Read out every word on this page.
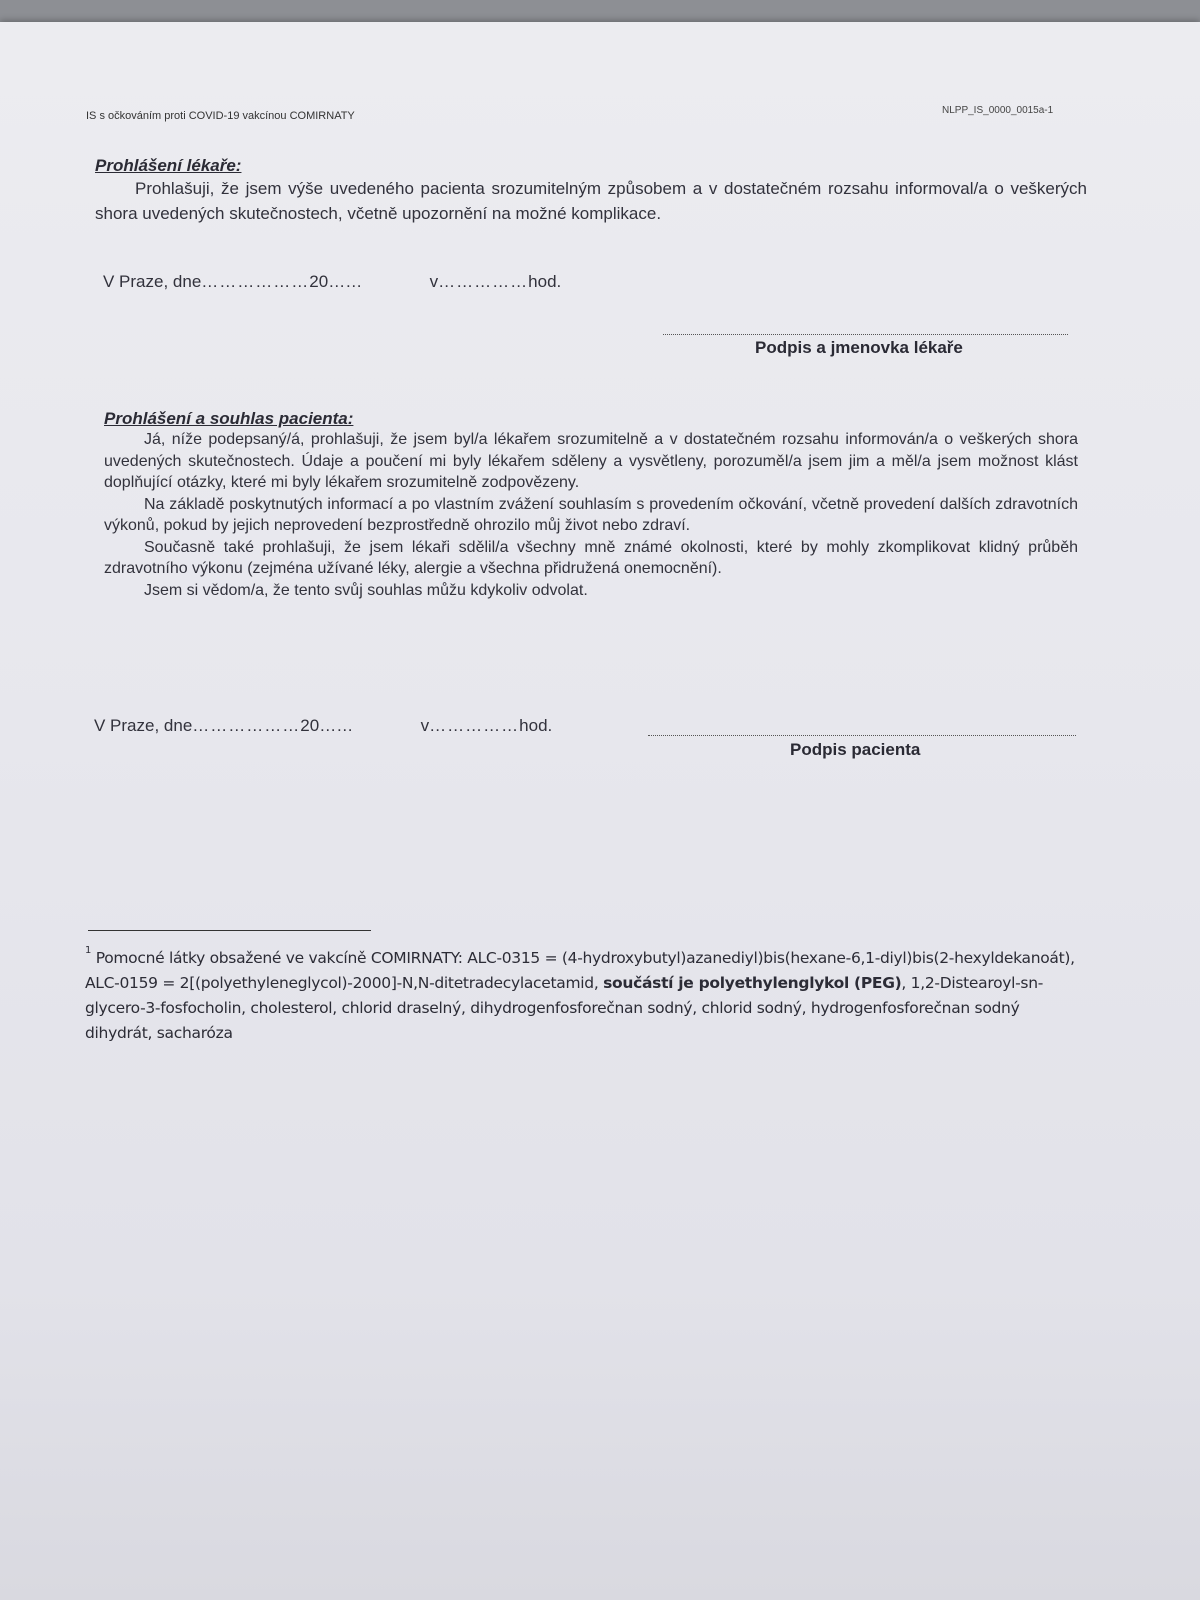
IS s očkováním proti COVID-19 vakcínou COMIRNATY	NLPP_IS_0000_0015a-1
Prohlášení lékaře:

Prohlašuji, že jsem výše uvedeného pacienta srozumitelným způsobem a v dostatečném rozsahu informoval/a o veškerých shora uvedených skutečnostech, včetně upozornění na možné komplikace.

V Praze, dne………………20……	v……………hod.
Podpis a jmenovka lékaře
Prohlášení a souhlas pacienta:

Já, níže podepsaný/á, prohlašuji, že jsem byl/a lékařem srozumitelně a v dostatečném rozsahu informován/a o veškerých shora uvedených skutečnostech. Údaje a poučení mi byly lékařem sděleny a vysvětleny, porozuměl/a jsem jim a měl/a jsem možnost klást doplňující otázky, které mi byly lékařem srozumitelně zodpovězeny.

Na základě poskytnutých informací a po vlastním zvážení souhlasím s provedením očkování, včetně provedení dalších zdravotních výkonů, pokud by jejich neprovedení bezprostředně ohrozilo můj život nebo zdraví.

Současně také prohlašuji, že jsem lékaři sdělil/a všechny mně známé okolnosti, které by mohly zkomplikovat klidný průběh zdravotního výkonu (zejména užívané léky, alergie a všechna přidružená onemocnění).

Jsem si vědom/a, že tento svůj souhlas můžu kdykoliv odvolat.

V Praze, dne………………20……	v……………hod.
Podpis pacienta
$^1$ Pomocné látky obsažené ve vakcíně COMIRNATY: ALC-0315 = (4-hydroxybutyl)azanediyl)bis(hexane-6,1-diyl)bis(2-hexyldekanoát), ALC-0159 = 2[(polyethyleneglycol)-2000]-N,N-ditetradecylacetamid, součástí je polyethylenglykol (PEG), 1,2-Distearoyl-sn-glycero-3-fosfocholin, cholesterol, chlorid draselný, dihydrogenfosforečnan sodný, chlorid sodný, hydrogenfosforečnan sodný dihydrát, sacharóza
